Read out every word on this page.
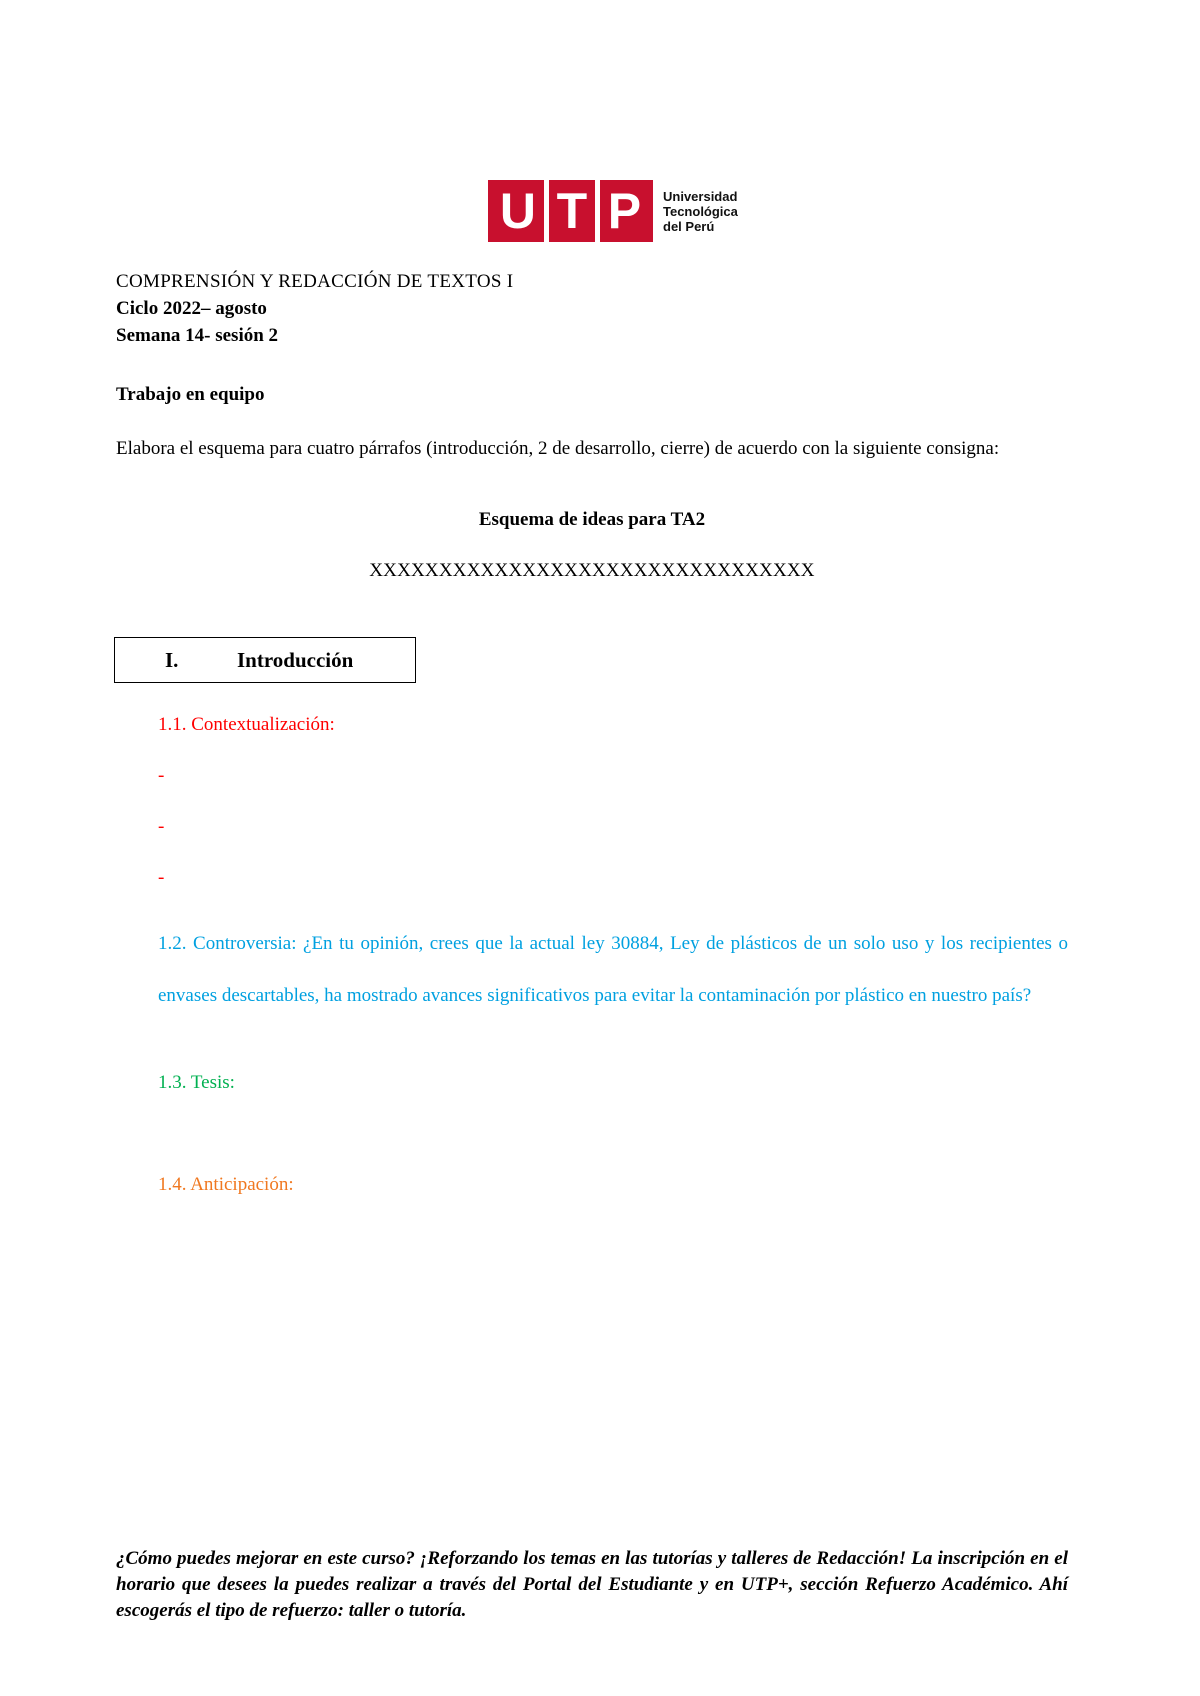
U T P Universidad
Tecnológica
del Perú
COMPRENSIÓN Y REDACCIÓN DE TEXTOS I
Ciclo 2022– agosto
Semana 14- sesión 2
Trabajo en equipo
Elabora el esquema para cuatro párrafos (introducción, 2 de desarrollo, cierre) de acuerdo con la siguiente consigna:
Esquema de ideas para TA2
XXXXXXXXXXXXXXXXXXXXXXXXXXXXXXXX
I.	Introducción
1.1. Contextualización:
-
-
-
1.2. Controversia: ¿En tu opinión, crees que la actual ley 30884, Ley de plásticos de un solo uso y los recipientes o envases descartables, ha mostrado avances significativos para evitar la contaminación por plástico en nuestro país?
1.3. Tesis:
1.4. Anticipación:
¿Cómo puedes mejorar en este curso? ¡Reforzando los temas en las tutorías y talleres de Redacción! La inscripción en el horario que desees la puedes realizar a través del Portal del Estudiante y en UTP+, sección Refuerzo Académico. Ahí escogerás el tipo de refuerzo: taller o tutoría.
